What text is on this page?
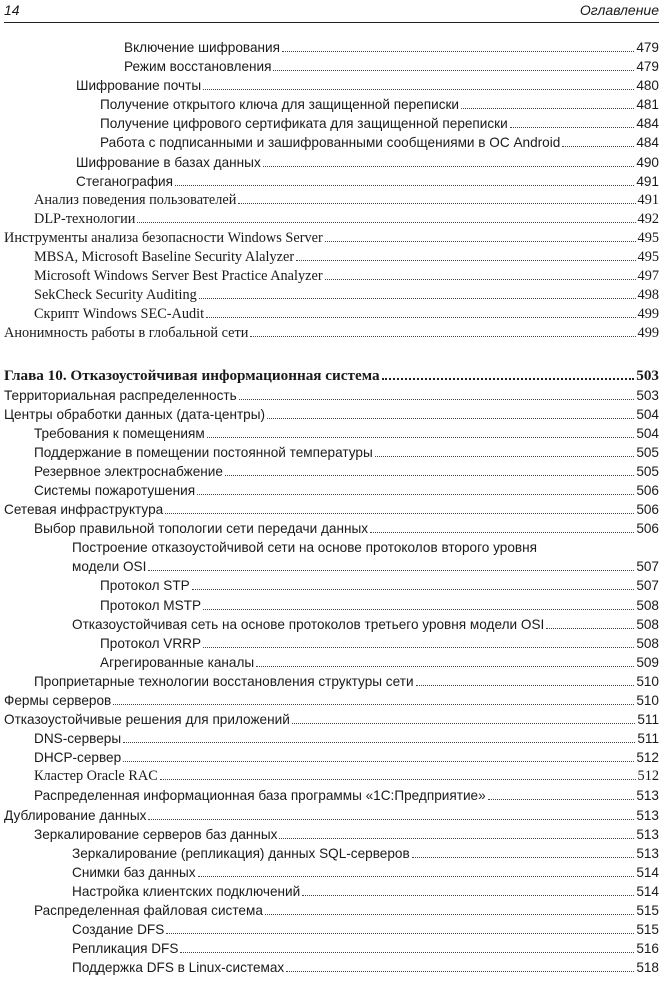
14	Оглавление
Включение шифрования	479
Режим восстановления	479
Шифрование почты	480
Получение открытого ключа для защищенной переписки	481
Получение цифрового сертификата для защищенной переписки	484
Работа с подписанными и зашифрованными сообщениями в ОС Android	484
Шифрование в базах данных	490
Стеганография	491
Анализ поведения пользователей	491
DLP-технологии	492
Инструменты анализа безопасности Windows Server	495
MBSA, Microsoft Baseline Security Alalyzer	495
Microsoft Windows Server Best Practice Analyzer	497
SekCheck Security Auditing	498
Скрипт Windows SEC-Audit	499
Анонимность работы в глобальной сети	499
Глава 10. Отказоустойчивая информационная система	503
Территориальная распределенность	503
Центры обработки данных (дата-центры)	504
Требования к помещениям	504
Поддержание в помещении постоянной температуры	505
Резервное электроснабжение	505
Системы пожаротушения	506
Сетевая инфраструктура	506
Выбор правильной топологии сети передачи данных	506
Построение отказоустойчивой сети на основе протоколов второго уровня
модели OSI	507
Протокол STP	507
Протокол MSTP	508
Отказоустойчивая сеть на основе протоколов третьего уровня модели OSI	508
Протокол VRRP	508
Агрегированные каналы	509
Проприетарные технологии восстановления структуры сети	510
Фермы серверов	510
Отказоустойчивые решения для приложений	511
DNS-серверы	511
DHCP-сервер	512
Кластер Oracle RAC	512
Распределенная информационная база программы «1С:Предприятие»	513
Дублирование данных	513
Зеркалирование серверов баз данных	513
Зеркалирование (репликация) данных SQL-серверов	513
Снимки баз данных	514
Настройка клиентских подключений	514
Распределенная файловая система	515
Создание DFS	515
Репликация DFS	516
Поддержка DFS в Linux-системах	518
